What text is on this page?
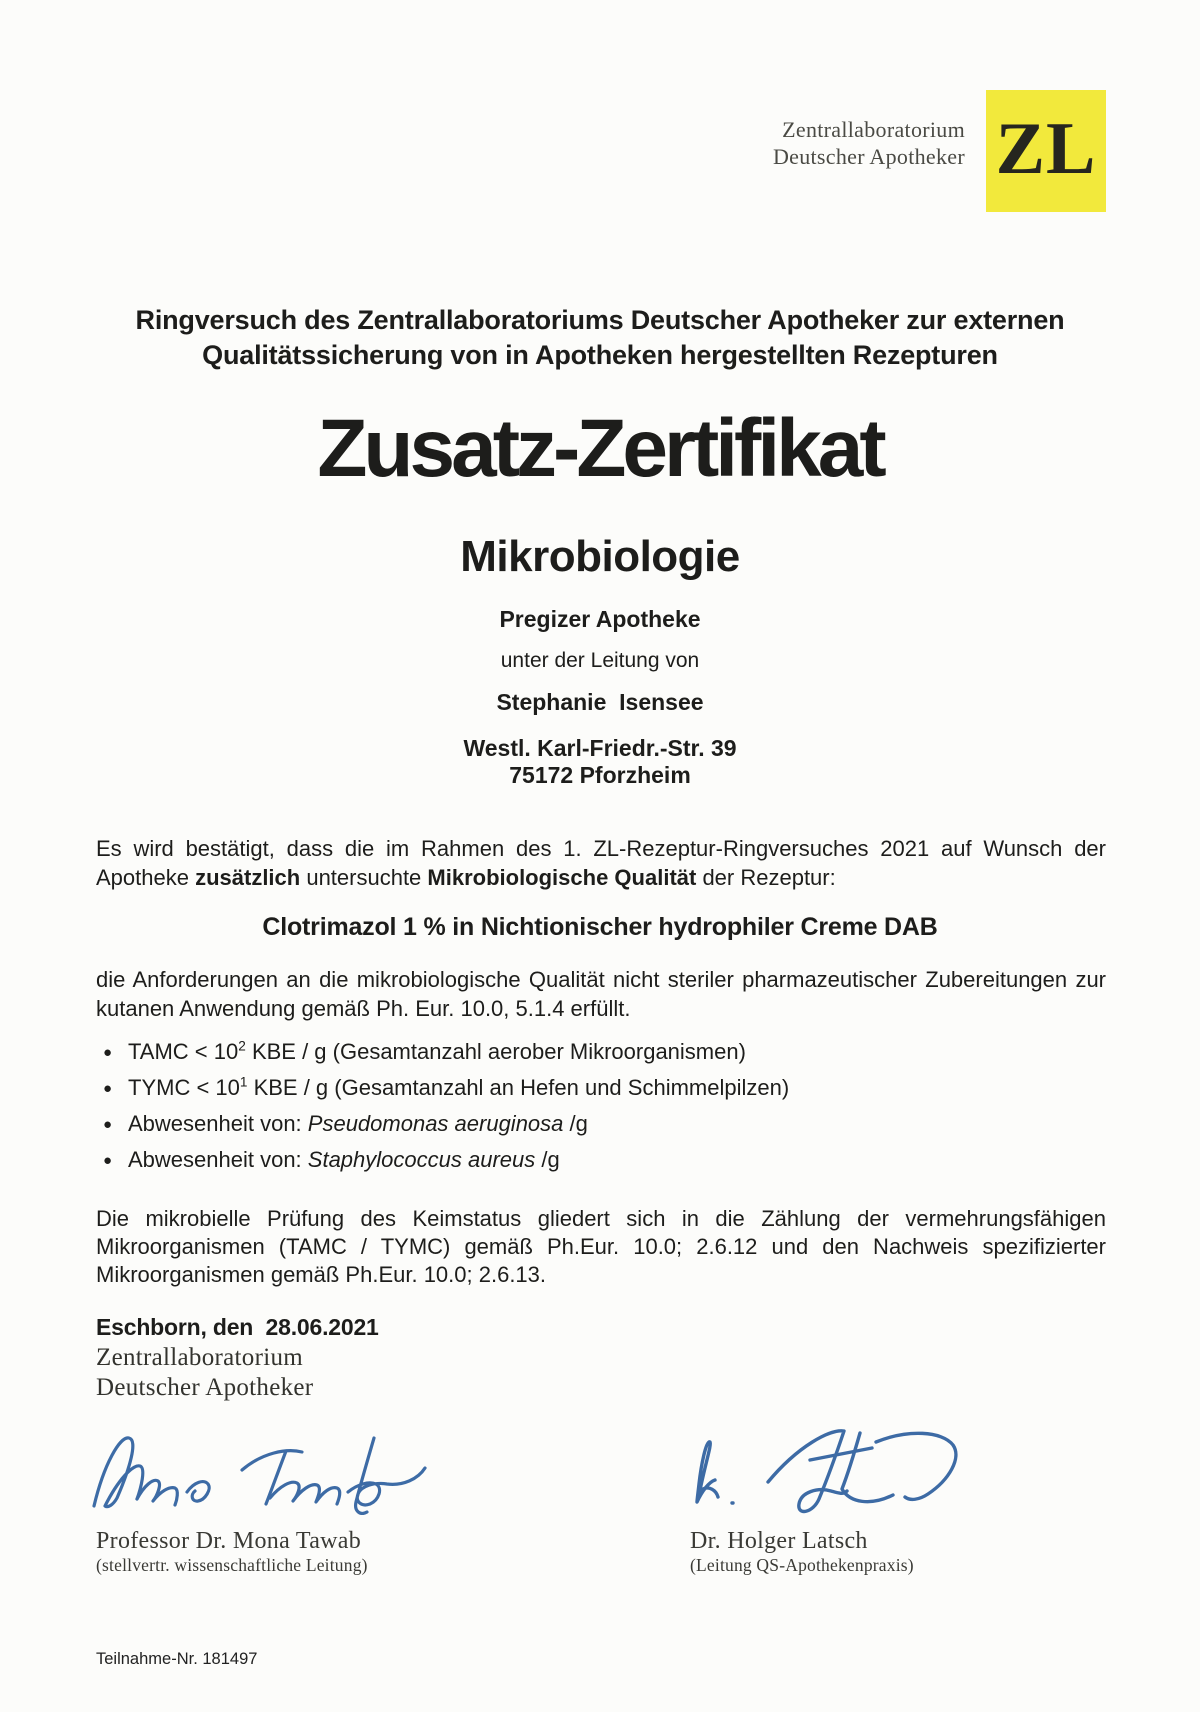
Zentrallaboratorium
Deutscher Apotheker ZL
Ringversuch des Zentrallaboratoriums Deutscher Apotheker zur externen
Qualitätssicherung von in Apotheken hergestellten Rezepturen
Zusatz-Zertifikat
Mikrobiologie
Pregizer Apotheke
unter der Leitung von
Stephanie  Isensee
Westl. Karl-Friedr.-Str. 39
75172 Pforzheim

Es wird bestätigt, dass die im Rahmen des 1. ZL-Rezeptur-Ringversuches 2021 auf Wunsch der Apotheke zusätzlich untersuchte Mikrobiologische Qualität der Rezeptur:

Clotrimazol 1 % in Nichtionischer hydrophiler Creme DAB

die Anforderungen an die mikrobiologische Qualität nicht steriler pharmazeutischer Zubereitungen zur kutanen Anwendung gemäß Ph. Eur. 10.0, 5.1.4 erfüllt.

● TAMC < $10^2$ KBE / g (Gesamtanzahl aerober Mikroorganismen)
● TYMC < $10^1$ KBE / g (Gesamtanzahl an Hefen und Schimmelpilzen)
● Abwesenheit von: Pseudomonas aeruginosa /g
● Abwesenheit von: Staphylococcus aureus /g

Die mikrobielle Prüfung des Keimstatus gliedert sich in die Zählung der vermehrungsfähigen Mikroorganismen (TAMC / TYMC) gemäß Ph.Eur. 10.0; 2.6.12 und den Nachweis spezifizierter Mikroorganismen gemäß Ph.Eur. 10.0; 2.6.13.

Eschborn, den  28.06.2021
Zentrallaboratorium
Deutscher Apotheker
Professor Dr. Mona Tawab
(stellvertr. wissenschaftliche Leitung)
Dr. Holger Latsch
(Leitung QS-Apothekenpraxis)
Teilnahme-Nr. 181497
